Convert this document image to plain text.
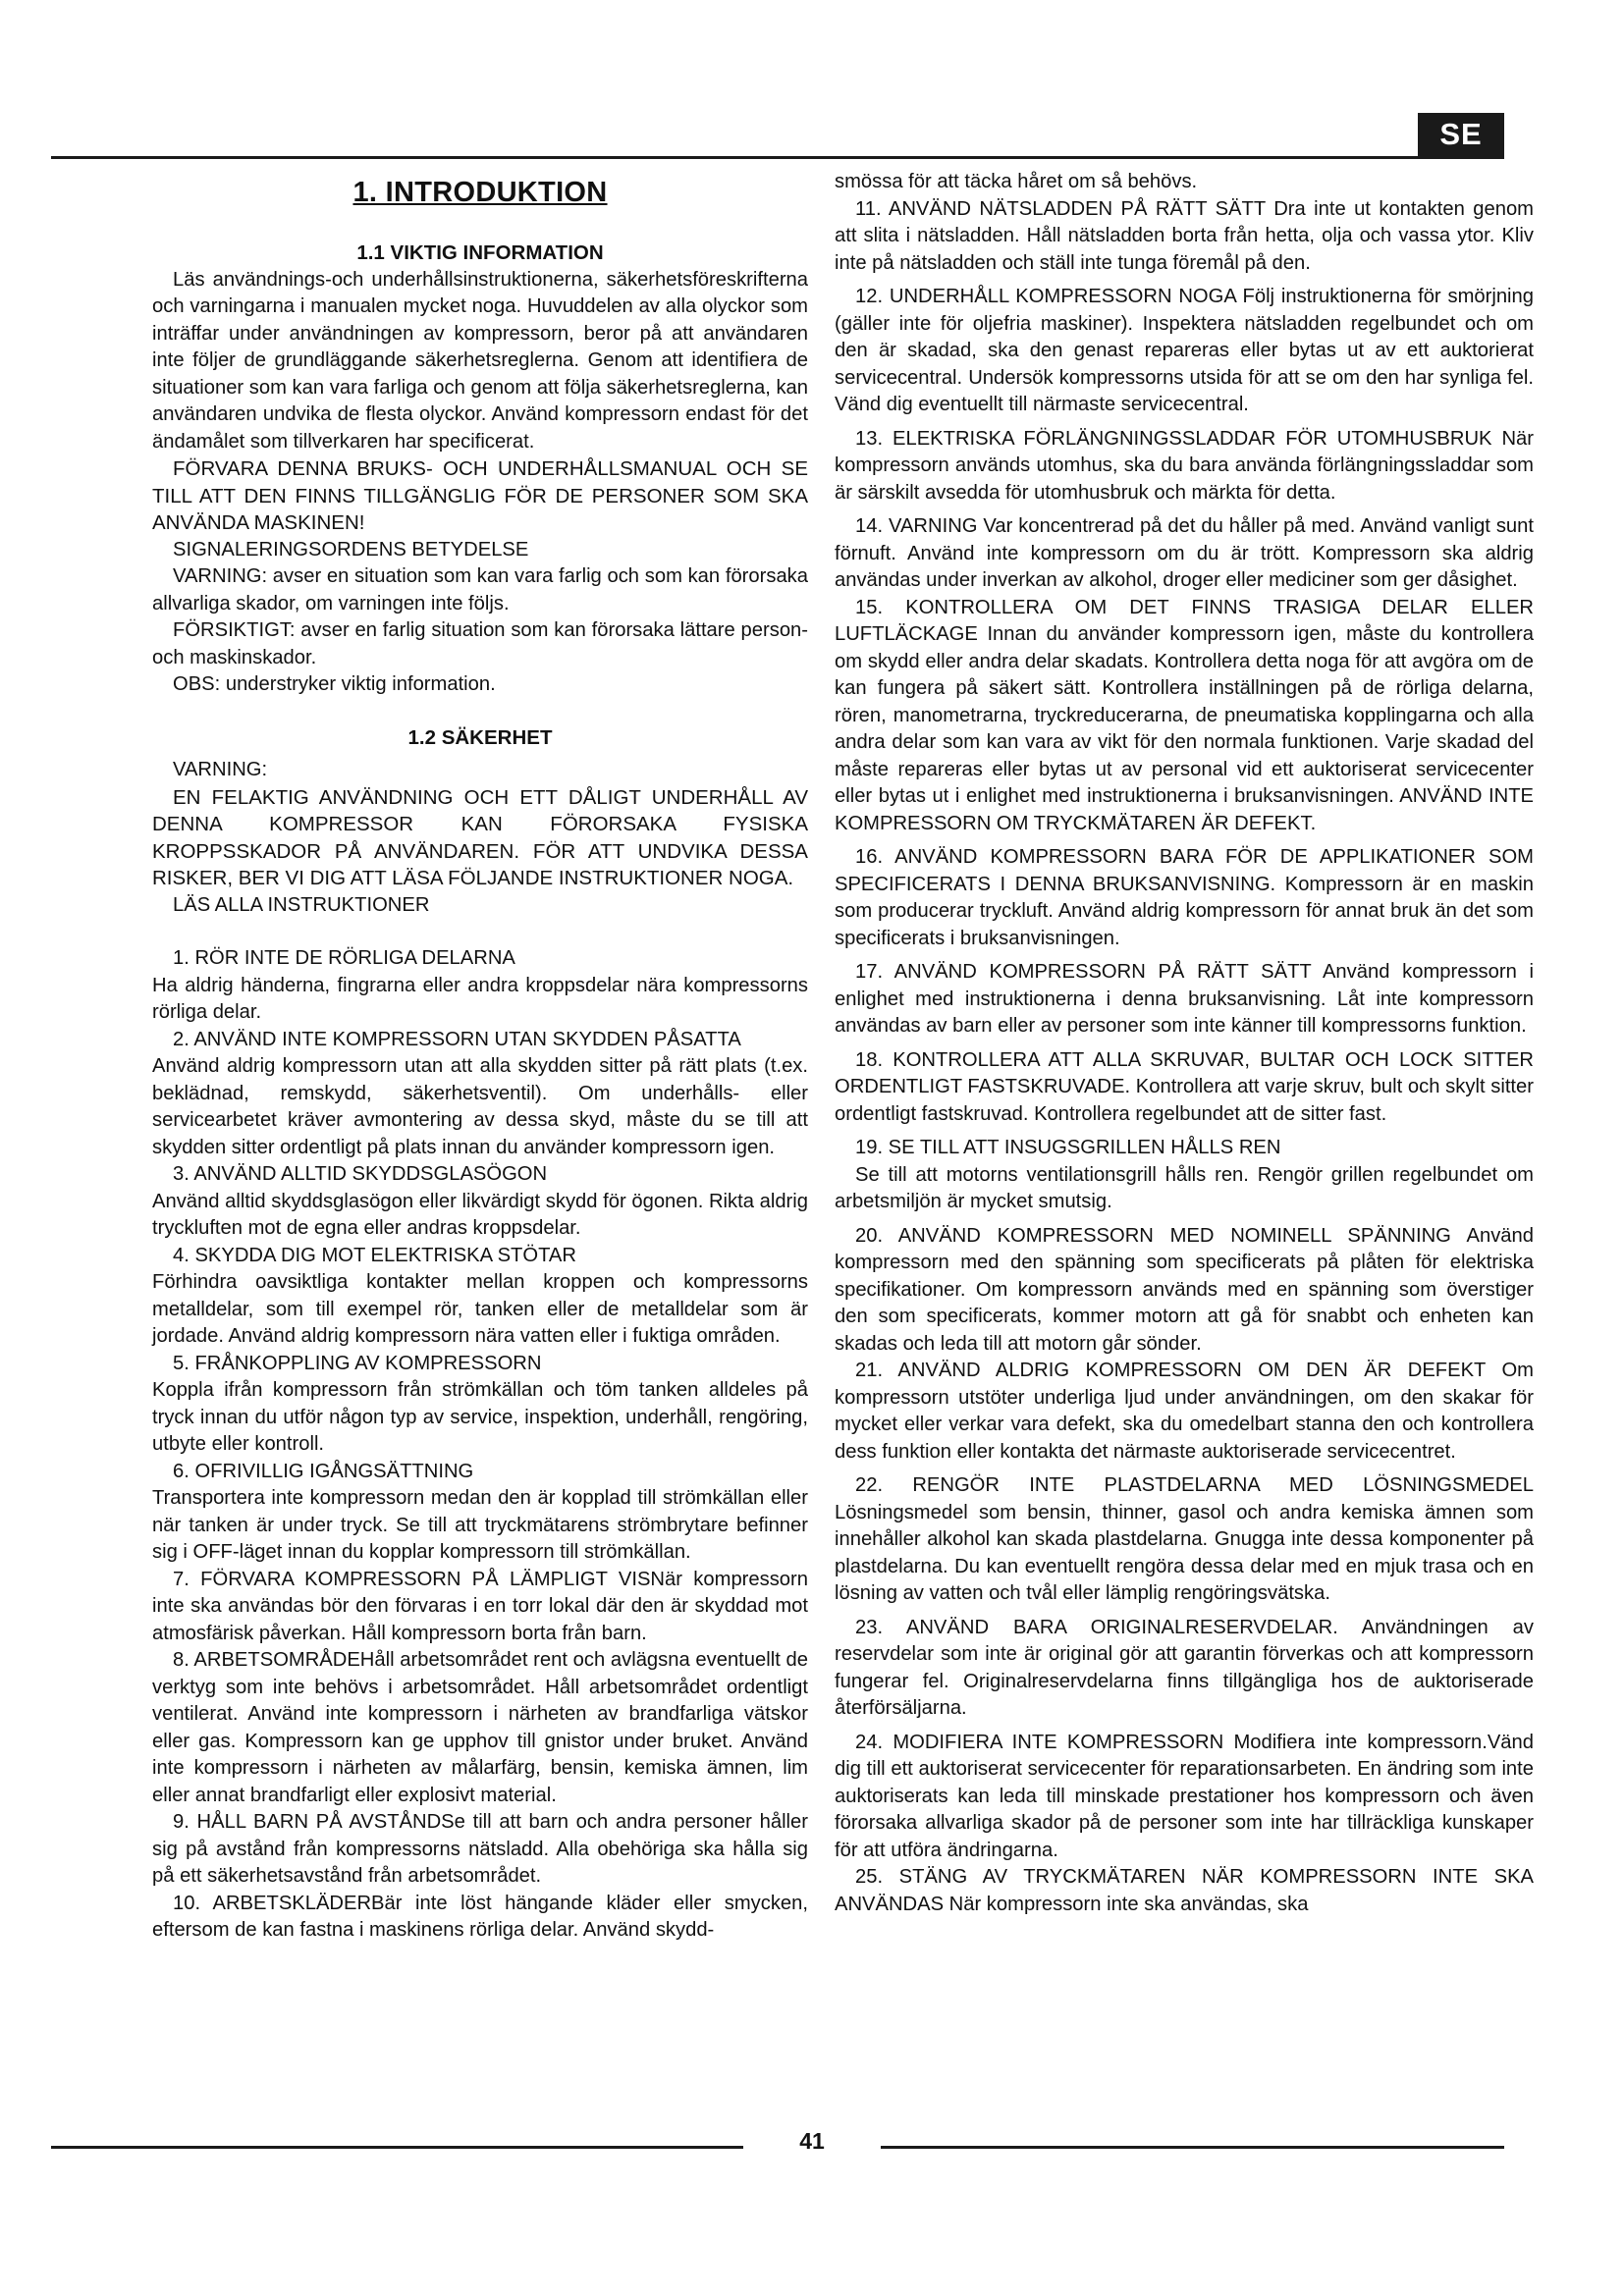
SE
1. INTRODUKTION
1.1 VIKTIG INFORMATION

Läs användnings-och underhållsinstruktionerna, säkerhetsföreskrifterna och varningarna i manualen mycket noga. Huvuddelen av alla olyckor som inträffar under användningen av kompressorn, beror på att användaren inte följer de grundläggande säkerhetsreglerna. Genom att identifiera de situationer som kan vara farliga och genom att följa säkerhetsreglerna, kan användaren undvika de flesta olyckor. Använd kompressorn endast för det ändamålet som tillverkaren har specificerat.

FÖRVARA DENNA BRUKS- OCH UNDERHÅLLSMANUAL OCH SE TILL ATT DEN FINNS TILLGÄNGLIG FÖR DE PERSONER SOM SKA ANVÄNDA MASKINEN!

SIGNALERINGSORDENS BETYDELSE

VARNING: avser en situation som kan vara farlig och som kan förorsaka allvarliga skador, om varningen inte följs.

FÖRSIKTIGT: avser en farlig situation som kan förorsaka lättare person-och maskinskador.

OBS: understryker viktig information.

1.2 SÄKERHET

VARNING:

EN FELAKTIG ANVÄNDNING OCH ETT DÅLIGT UNDERHÅLL AV DENNA KOMPRESSOR KAN FÖRORSAKA FYSISKA KROPPSSKADOR PÅ ANVÄNDAREN. FÖR ATT UNDVIKA DESSA RISKER, BER VI DIG ATT LÄSA FÖLJANDE INSTRUKTIONER NOGA.

LÄS ALLA INSTRUKTIONER

1. RÖR INTE DE RÖRLIGA DELARNA

Ha aldrig händerna, fingrarna eller andra kroppsdelar nära kompressorns rörliga delar.

2. ANVÄND INTE KOMPRESSORN UTAN SKYDDEN PÅSATTA

Använd aldrig kompressorn utan att alla skydden sitter på rätt plats (t.ex. beklädnad, remskydd, säkerhetsventil). Om underhålls- eller servicearbetet kräver avmontering av dessa skyd, måste du se till att skydden sitter ordentligt på plats innan du använder kompressorn igen.

3. ANVÄND ALLTID SKYDDSGLASÖGON

Använd alltid skyddsglasögon eller likvärdigt skydd för ögonen. Rikta aldrig tryckluften mot de egna eller andras kroppsdelar.

4. SKYDDA DIG MOT ELEKTRISKA STÖTAR

Förhindra oavsiktliga kontakter mellan kroppen och kompressorns metalldelar, som till exempel rör, tanken eller de metalldelar som är jordade. Använd aldrig kompressorn nära vatten eller i fuktiga områden.

5. FRÅNKOPPLING AV KOMPRESSORN

Koppla ifrån kompressorn från strömkällan och töm tanken alldeles på tryck innan du utför någon typ av service, inspektion, underhåll, rengöring, utbyte eller kontroll.

6. OFRIVILLIG IGÅNGSÄTTNING

Transportera inte kompressorn medan den är kopplad till strömkällan eller när tanken är under tryck. Se till att tryckmätarens strömbrytare befinner sig i OFF-läget innan du kopplar kompressorn till strömkällan.

7. FÖRVARA KOMPRESSORN PÅ LÄMPLIGT VISNär kompressorn inte ska användas bör den förvaras i en torr lokal där den är skyddad mot atmosfärisk påverkan. Håll kompressorn borta från barn.

8. ARBETSOMRÅDEHåll arbetsområdet rent och avlägsna eventuellt de verktyg som inte behövs i arbetsområdet. Håll arbetsområdet ordentligt ventilerat. Använd inte kompressorn i närheten av brandfarliga vätskor eller gas. Kompressorn kan ge upphov till gnistor under bruket. Använd inte kompressorn i närheten av målarfärg, bensin, kemiska ämnen, lim eller annat brandfarligt eller explosivt material.

9. HÅLL BARN PÅ AVSTÅNDSe till att barn och andra personer håller sig på avstånd från kompressorns nätsladd. Alla obehöriga ska hålla sig på ett säkerhetsavstånd från arbetsområdet.

10. ARBETSKLÄDERBär inte löst hängande kläder eller smycken, eftersom de kan fastna i maskinens rörliga delar. Använd skydd-

smössa för att täcka håret om så behövs.

11. ANVÄND NÄTSLADDEN PÅ RÄTT SÄTT Dra inte ut kontakten genom att slita i nätsladden. Håll nätsladden borta från hetta, olja och vassa ytor. Kliv inte på nätsladden och ställ inte tunga föremål på den.

12. UNDERHÅLL KOMPRESSORN NOGA Följ instruktionerna för smörjning (gäller inte för oljefria maskiner). Inspektera nätsladden regelbundet och om den är skadad, ska den genast repareras eller bytas ut av ett auktorierat servicecentral. Undersök kompressorns utsida för att se om den har synliga fel. Vänd dig eventuellt till närmaste servicecentral.

13. ELEKTRISKA FÖRLÄNGNINGSSLADDAR FÖR UTOMHUSBRUK När kompressorn används utomhus, ska du bara använda förlängningssladdar som är särskilt avsedda för utomhusbruk och märkta för detta.

14. VARNING Var koncentrerad på det du håller på med. Använd vanligt sunt förnuft. Använd inte kompressorn om du är trött. Kompressorn ska aldrig användas under inverkan av alkohol, droger eller mediciner som ger dåsighet.

15. KONTROLLERA OM DET FINNS TRASIGA DELAR ELLER LUFTLÄCKAGE Innan du använder kompressorn igen, måste du kontrollera om skydd eller andra delar skadats. Kontrollera detta noga för att avgöra om de kan fungera på säkert sätt. Kontrollera inställningen på de rörliga delarna, rören, manometrarna, tryckreducerarna, de pneumatiska kopplingarna och alla andra delar som kan vara av vikt för den normala funktionen. Varje skadad del måste repareras eller bytas ut av personal vid ett auktoriserat servicecenter eller bytas ut i enlighet med instruktionerna i bruksanvisningen. ANVÄND INTE KOMPRESSORN OM TRYCKMÄTAREN ÄR DEFEKT.

16. ANVÄND KOMPRESSORN BARA FÖR DE APPLIKATIONER SOM SPECIFICERATS I DENNA BRUKSANVISNING. Kompressorn är en maskin som producerar tryckluft. Använd aldrig kompressorn för annat bruk än det som specificerats i bruksanvisningen.

17. ANVÄND KOMPRESSORN PÅ RÄTT SÄTT Använd kompressorn i enlighet med instruktionerna i denna bruksanvisning. Låt inte kompressorn användas av barn eller av personer som inte känner till kompressorns funktion.

18. KONTROLLERA ATT ALLA SKRUVAR, BULTAR OCH LOCK SITTER ORDENTLIGT FASTSKRUVADE. Kontrollera att varje skruv, bult och skylt sitter ordentligt fastskruvad. Kontrollera regelbundet att de sitter fast.

19. SE TILL ATT INSUGSGRILLEN HÅLLS REN

Se till att motorns ventilationsgrill hålls ren. Rengör grillen regelbundet om arbetsmiljön är mycket smutsig.

20. ANVÄND KOMPRESSORN MED NOMINELL SPÄNNING Använd kompressorn med den spänning som specificerats på plåten för elektriska specifikationer. Om kompressorn används med en spänning som överstiger den som specificerats, kommer motorn att gå för snabbt och enheten kan skadas och leda till att motorn går sönder.

21. ANVÄND ALDRIG KOMPRESSORN OM DEN ÄR DEFEKT Om kompressorn utstöter underliga ljud under användningen, om den skakar för mycket eller verkar vara defekt, ska du omedelbart stanna den och kontrollera dess funktion eller kontakta det närmaste auktoriserade servicecentret.

22. RENGÖR INTE PLASTDELARNA MED LÖSNINGSMEDEL Lösningsmedel som bensin, thinner, gasol och andra kemiska ämnen som innehåller alkohol kan skada plastdelarna. Gnugga inte dessa komponenter på plastdelarna. Du kan eventuellt rengöra dessa delar med en mjuk trasa och en lösning av vatten och tvål eller lämplig rengöringsvätska.

23. ANVÄND BARA ORIGINALRESERVDELAR. Användningen av reservdelar som inte är original gör att garantin förverkas och att kompressorn fungerar fel. Originalreservdelarna finns tillgängliga hos de auktoriserade återförsäljarna.

24. MODIFIERA INTE KOMPRESSORN Modifiera inte kompressorn.Vänd dig till ett auktoriserat servicecenter för reparationsarbeten. En ändring som inte auktoriserats kan leda till minskade prestationer hos kompressorn och även förorsaka allvarliga skador på de personer som inte har tillräckliga kunskaper för att utföra ändringarna.

25. STÄNG AV TRYCKMÄTAREN NÄR KOMPRESSORN INTE SKA ANVÄNDAS När kompressorn inte ska användas, ska

41
